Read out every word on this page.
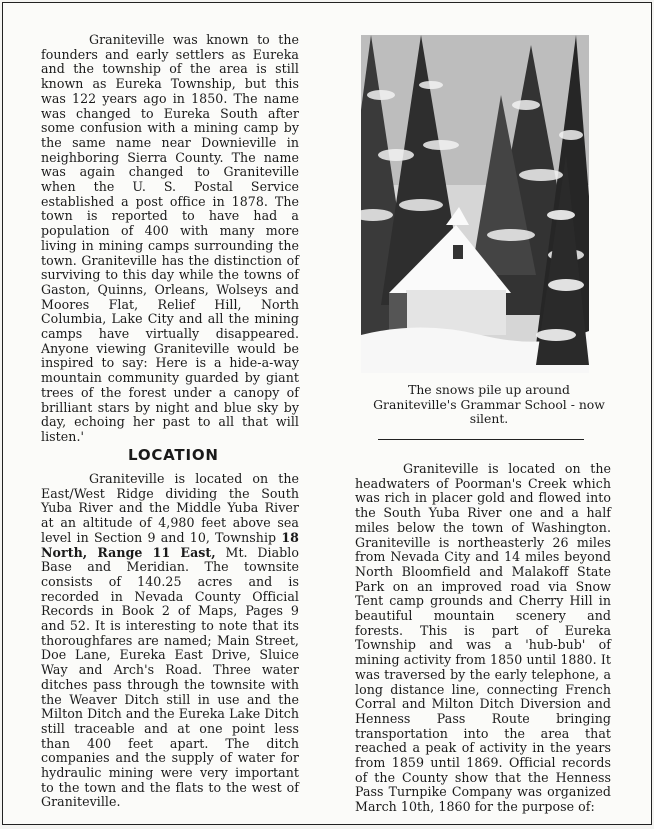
Graniteville was known to the founders and early settlers as Eureka and the township of the area is still known as Eureka Township, but this was 122 years ago in 1850. The name was changed to Eureka South after some confusion with a mining camp by the same name near Downieville in neighboring Sierra County. The name was again changed to Graniteville when the U. S. Postal Service established a post office in 1878. The town is reported to have had a population of 400 with many more living in mining camps surrounding the town. Graniteville has the distinction of surviving to this day while the towns of Gaston, Quinns, Orleans, Wolseys and Moores Flat, Relief Hill, North Columbia, Lake City and all the mining camps have virtually disappeared. Anyone viewing Graniteville would be inspired to say: Here is a hide-a-way mountain community guarded by giant trees of the forest under a canopy of brilliant stars by night and blue sky by day, echoing her past to all that will listen.'

LOCATION

Graniteville is located on the East/West Ridge dividing the South Yuba River and the Middle Yuba River at an altitude of 4,980 feet above sea level in Section 9 and 10, Township 18 North, Range 11 East, Mt. Diablo Base and Meridian. The townsite consists of 140.25 acres and is recorded in Nevada County Official Records in Book 2 of Maps, Pages 9 and 52. It is interesting to note that its thoroughfares are named; Main Street, Doe Lane, Eureka East Drive, Sluice Way and Arch's Road. Three water ditches pass through the townsite with the Weaver Ditch still in use and the Milton Ditch and the Eureka Lake Ditch still traceable and at one point less than 400 feet apart. The ditch companies and the supply of water for hydraulic mining were very important to the town and the flats to the west of Graniteville.

The snows pile up around Graniteville's Grammar School - now silent.

Graniteville is located on the headwaters of Poorman's Creek which was rich in placer gold and flowed into the South Yuba River one and a half miles below the town of Washington. Graniteville is northeasterly 26 miles from Nevada City and 14 miles beyond North Bloomfield and Malakoff State Park on an improved road via Snow Tent camp grounds and Cherry Hill in beautiful mountain scenery and forests. This is part of Eureka Township and was a 'hub-bub' of mining activity from 1850 until 1880. It was traversed by the early telephone, a long distance line, connecting French Corral and Milton Ditch Diversion and Henness Pass Route bringing transportation into the area that reached a peak of activity in the years from 1859 until 1869. Official records of the County show that the Henness Pass Turnpike Company was organized March 10th, 1860 for the purpose of:
